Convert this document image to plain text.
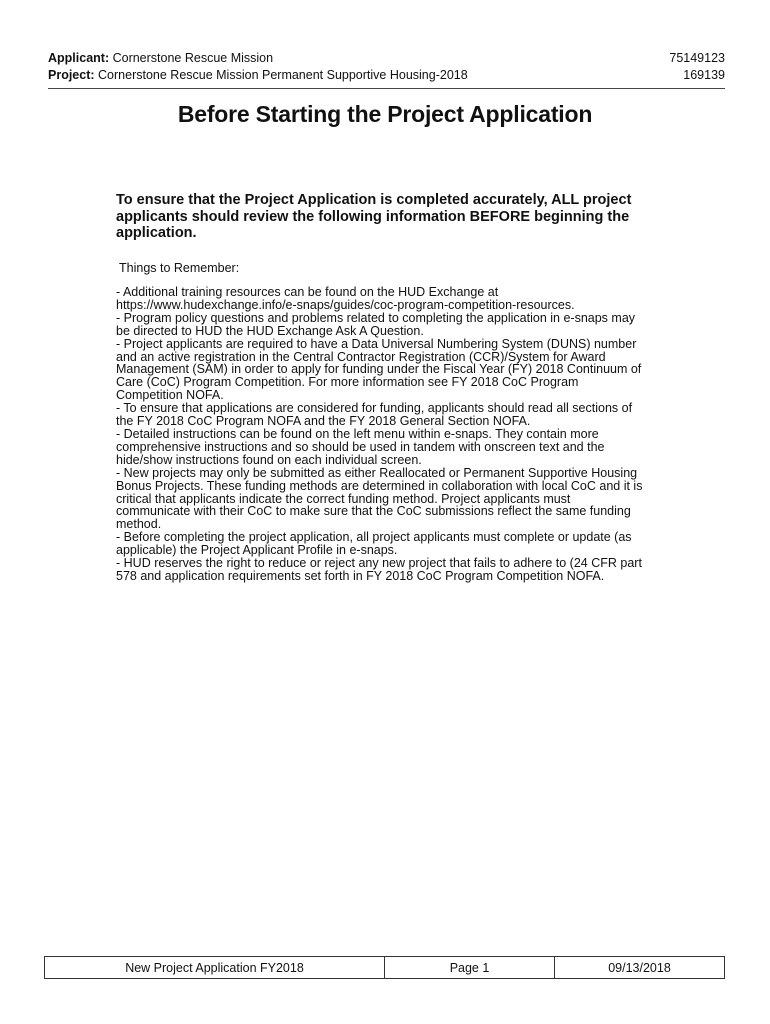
Applicant: Cornerstone Rescue Mission	75149123
Project: Cornerstone Rescue Mission Permanent Supportive Housing-2018	169139
Before Starting the Project Application

To ensure that the Project Application is completed accurately, ALL project applicants should review the following information BEFORE beginning the application.

Things to Remember:

- Additional training resources can be found on the HUD Exchange at
https://www.hudexchange.info/e-snaps/guides/coc-program-competition-resources.
- Program policy questions and problems related to completing the application in e-snaps may
be directed to HUD the HUD Exchange Ask A Question.
- Project applicants are required to have a Data Universal Numbering System (DUNS) number
and an active registration in the Central Contractor Registration (CCR)/System for Award
Management (SAM) in order to apply for funding under the Fiscal Year (FY) 2018 Continuum of
Care (CoC) Program Competition. For more information see FY 2018 CoC Program
Competition NOFA.
- To ensure that applications are considered for funding, applicants should read all sections of
the FY 2018 CoC Program NOFA and the FY 2018 General Section NOFA.
- Detailed instructions can be found on the left menu within e-snaps. They contain more
comprehensive instructions and so should be used in tandem with onscreen text and the
hide/show instructions found on each individual screen.
- New projects may only be submitted as either Reallocated or Permanent Supportive Housing
Bonus Projects. These funding methods are determined in collaboration with local CoC and it is
critical that applicants indicate the correct funding method. Project applicants must
communicate with their CoC to make sure that the CoC submissions reflect the same funding
method.
- Before completing the project application, all project applicants must complete or update (as
applicable) the Project Applicant Profile in e-snaps.
- HUD reserves the right to reduce or reject any new project that fails to adhere to (24 CFR part
578 and application requirements set forth in FY 2018 CoC Program Competition NOFA.
New Project Application FY2018	Page 1	09/13/2018
